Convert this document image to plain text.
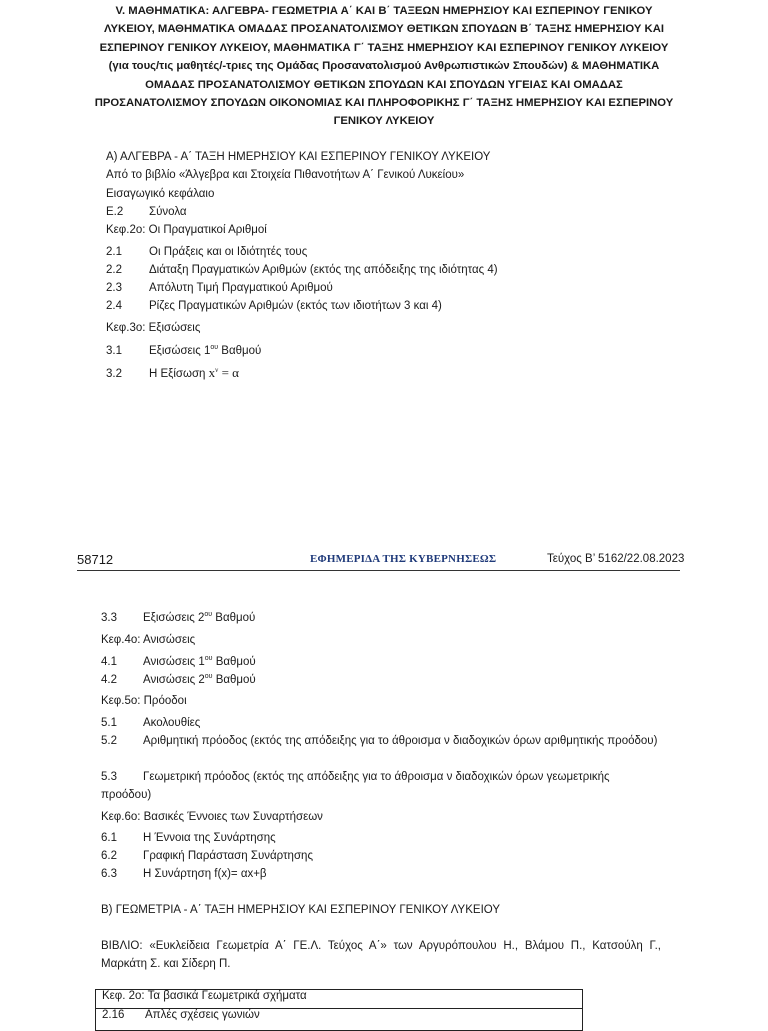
V. ΜΑΘΗΜΑΤΙΚΑ: ΑΛΓΕΒΡΑ- ΓΕΩΜΕΤΡΙΑ Α΄ ΚΑΙ Β΄ ΤΑΞΕΩΝ ΗΜΕΡΗΣΙΟΥ ΚΑΙ ΕΣΠΕΡΙΝΟΥ ΓΕΝΙΚΟΥ ΛΥΚΕΙΟΥ, ΜΑΘΗΜΑΤΙΚΑ ΟΜΑΔΑΣ ΠΡΟΣΑΝΑΤΟΛΙΣΜΟΥ ΘΕΤΙΚΩΝ ΣΠΟΥΔΩΝ Β΄ ΤΑΞΗΣ ΗΜΕΡΗΣΙΟΥ ΚΑΙ ΕΣΠΕΡΙΝΟΥ ΓΕΝΙΚΟΥ ΛΥΚΕΙΟΥ, ΜΑΘΗΜΑΤΙΚΑ Γ΄ ΤΑΞΗΣ ΗΜΕΡΗΣΙΟΥ ΚΑΙ ΕΣΠΕΡΙΝΟΥ ΓΕΝΙΚΟΥ ΛΥΚΕΙΟΥ (για τους/τις μαθητές/-τριες της Ομάδας Προσανατολισμού Ανθρωπιστικών Σπουδών) & ΜΑΘΗΜΑΤΙΚΑ ΟΜΑΔΑΣ ΠΡΟΣΑΝΑΤΟΛΙΣΜΟΥ ΘΕΤΙΚΩΝ ΣΠΟΥΔΩΝ ΚΑΙ ΣΠΟΥΔΩΝ ΥΓΕΙΑΣ ΚΑΙ ΟΜΑΔΑΣ ΠΡΟΣΑΝΑΤΟΛΙΣΜΟΥ ΣΠΟΥΔΩΝ ΟΙΚΟΝΟΜΙΑΣ ΚΑΙ ΠΛΗΡΟΦΟΡΙΚΗΣ Γ΄ ΤΑΞΗΣ ΗΜΕΡΗΣΙΟΥ ΚΑΙ ΕΣΠΕΡΙΝΟΥ ΓΕΝΙΚΟΥ ΛΥΚΕΙΟΥ
Α) ΑΛΓΕΒΡΑ - Α΄ ΤΑΞΗ ΗΜΕΡΗΣΙΟΥ ΚΑΙ ΕΣΠΕΡΙΝΟΥ ΓΕΝΙΚΟΥ ΛΥΚΕΙΟΥ
Από το βιβλίο «Άλγεβρα και Στοιχεία Πιθανοτήτων Α΄ Γενικού Λυκείου»
Εισαγωγικό κεφάλαιο
Ε.2 Σύνολα
Κεφ.2ο: Οι Πραγματικοί Αριθμοί
2.1 Οι Πράξεις και οι Ιδιότητές τους
2.2 Διάταξη Πραγματικών Αριθμών (εκτός της απόδειξης της ιδιότητας 4)
2.3 Απόλυτη Τιμή Πραγματικού Αριθμού
2.4 Ρίζες Πραγματικών Αριθμών (εκτός των ιδιοτήτων 3 και 4)
Κεφ.3ο: Εξισώσεις
3.1 Εξισώσεις $1^{o\upsilon}$ Βαθμού
3.2 Η Εξίσωση $x^\nu = \alpha$
58712	ΕΦΗΜΕΡΙΔΑ ΤΗΣ ΚΥΒΕΡΝΗΣΕΩΣ	Τεύχος B’ 5162/22.08.2023
3.3 Εξισώσεις $2^{o\upsilon}$ Βαθμού
Κεφ.4ο: Ανισώσεις
4.1 Ανισώσεις $1^{o\upsilon}$ Βαθμού
4.2 Ανισώσεις $2^{o\upsilon}$ Βαθμού
Κεφ.5ο: Πρόοδοι
5.1 Ακολουθίες
5.2 Αριθμητική πρόοδος (εκτός της απόδειξης για το άθροισμα ν διαδοχικών όρων αριθμητικής προόδου)
5.3 Γεωμετρική πρόοδος (εκτός της απόδειξης για το άθροισμα ν διαδοχικών όρων γεωμετρικής προόδου)
Κεφ.6ο: Βασικές Έννοιες των Συναρτήσεων
6.1 Η Έννοια της Συνάρτησης
6.2 Γραφική Παράσταση Συνάρτησης
6.3 Η Συνάρτηση f(x)= αx+β
Β) ΓΕΩΜΕΤΡΙΑ - Α΄ ΤΑΞΗ ΗΜΕΡΗΣΙΟΥ ΚΑΙ ΕΣΠΕΡΙΝΟΥ ΓΕΝΙΚΟΥ ΛΥΚΕΙΟΥ
ΒΙΒΛΙΟ: «Ευκλείδεια Γεωμετρία Α΄ ΓΕ.Λ. Τεύχος Α΄» των Αργυρόπουλου Η., Βλάμου Π., Κατσούλη Γ., Μαρκάτη Σ. και Σίδερη Π.
Κεφ. 2ο: Τα βασικά Γεωμετρικά σχήματα
2.16 Απλές σχέσεις γωνιών
